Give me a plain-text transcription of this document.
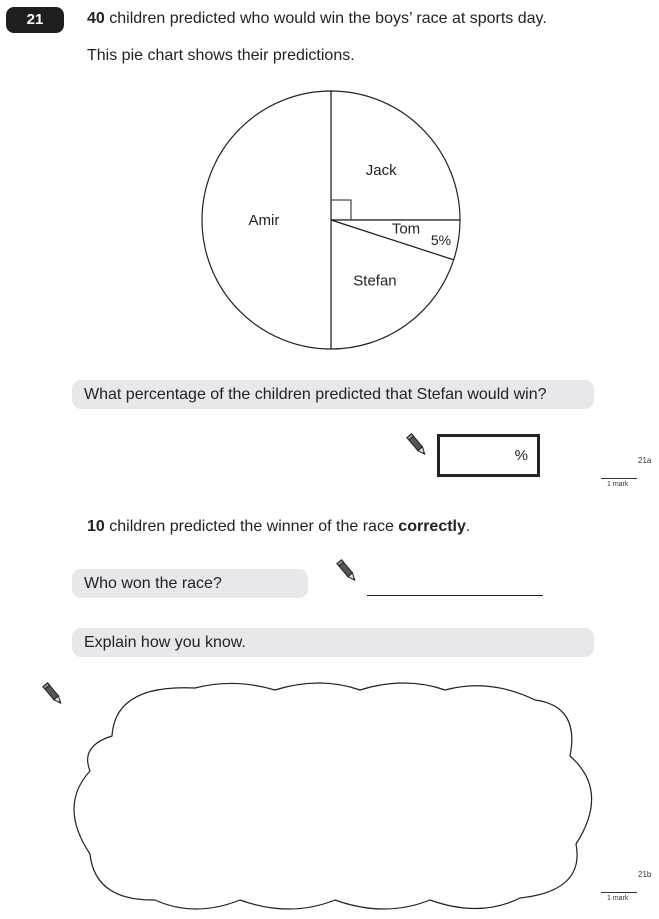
21	40 children predicted who would win the boys’ race at sports day.
This pie chart shows their predictions.
Jack
Tom
Stefan
Amir
5%
What percentage of the children predicted that Stefan would win?
%	21a
1 mark
10 children predicted the winner of the race correctly.
Who won the race?
Explain how you know.
21b
1 mark
